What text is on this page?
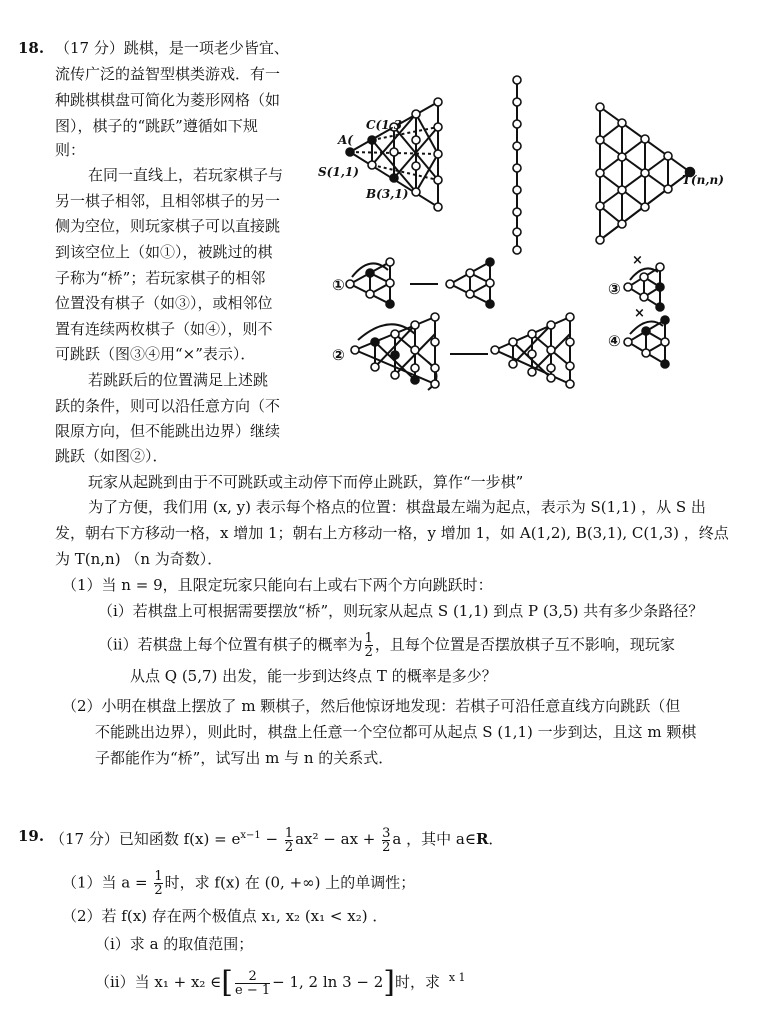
18. （17 分）跳棋，是一项老少皆宜、
流传广泛的益智型棋类游戏．有一
种跳棋棋盘可简化为菱形网格（如
图），棋子的“跳跃”遵循如下规
则：
在同一直线上，若玩家棋子与
另一棋子相邻，且相邻棋子的另一
侧为空位，则玩家棋子可以直接跳
到该空位上（如①），被跳过的棋
子称为“桥”；若玩家棋子的相邻
位置没有棋子（如③），或相邻位
置有连续两枚棋子（如④），则不
可跳跃（图③④用“×”表示）．
若跳跃后的位置满足上述跳
跃的条件，则可以沿任意方向（不
限原方向，但不能跳出边界）继续
跳跃（如图②）．
A(
C(1,3
S(1,1)
B(3,1)
T(n,n)
①
②
③
④
×
×
玩家从起跳到由于不可跳跃或主动停下而停止跳跃，算作“一步棋”
为了方便，我们用 (x, y) 表示每个格点的位置：棋盘最左端为起点，表示为 S(1,1) ，从 S 出
发，朝右下方移动一格，x 增加 1；朝右上方移动一格，y 增加 1，如 A(1,2), B(3,1), C(1,3) ，终点
为 T(n,n) （n 为奇数）．
（1）当 n = 9，且限定玩家只能向右上或右下两个方向跳跃时：
（i）若棋盘上可根据需要摆放“桥”，则玩家从起点 S (1,1) 到点 P (3,5) 共有多少条路径？
（ii）若棋盘上每个位置有棋子的概率为 $\frac{1}{2}$ ，且每个位置是否摆放棋子互不影响，现玩家
从点 Q (5,7) 出发，能一步到达终点 T 的概率是多少？
（2）小明在棋盘上摆放了 m 颗棋子，然后他惊讶地发现：若棋子可沿任意直线方向跳跃（但
不能跳出边界），则此时，棋盘上任意一个空位都可从起点 S (1,1) 一步到达，且这 m 颗棋
子都能作为“桥”，试写出 m 与 n 的关系式．
19. （17 分）已知函数 $f(x) = e^{x-1} - \frac{1}{2} ax^2$ − ax + $\frac{3}{2}$ a ，其中 a∈R．
（1）当 $a = \frac{1}{2}$ 时，求 f(x) 在 (0, +∞) 上的单调性；
（2）若 f(x) 存在两个极值点 x₁, x₂ (x₁ < x₂) ．
（i）求 a 的取值范围；
（ii）当 x₁ + x₂ ∈[ $\frac{2}{e - 1} - 1$, 2 ln 3 − 2]时，求 $^{x 1}$
